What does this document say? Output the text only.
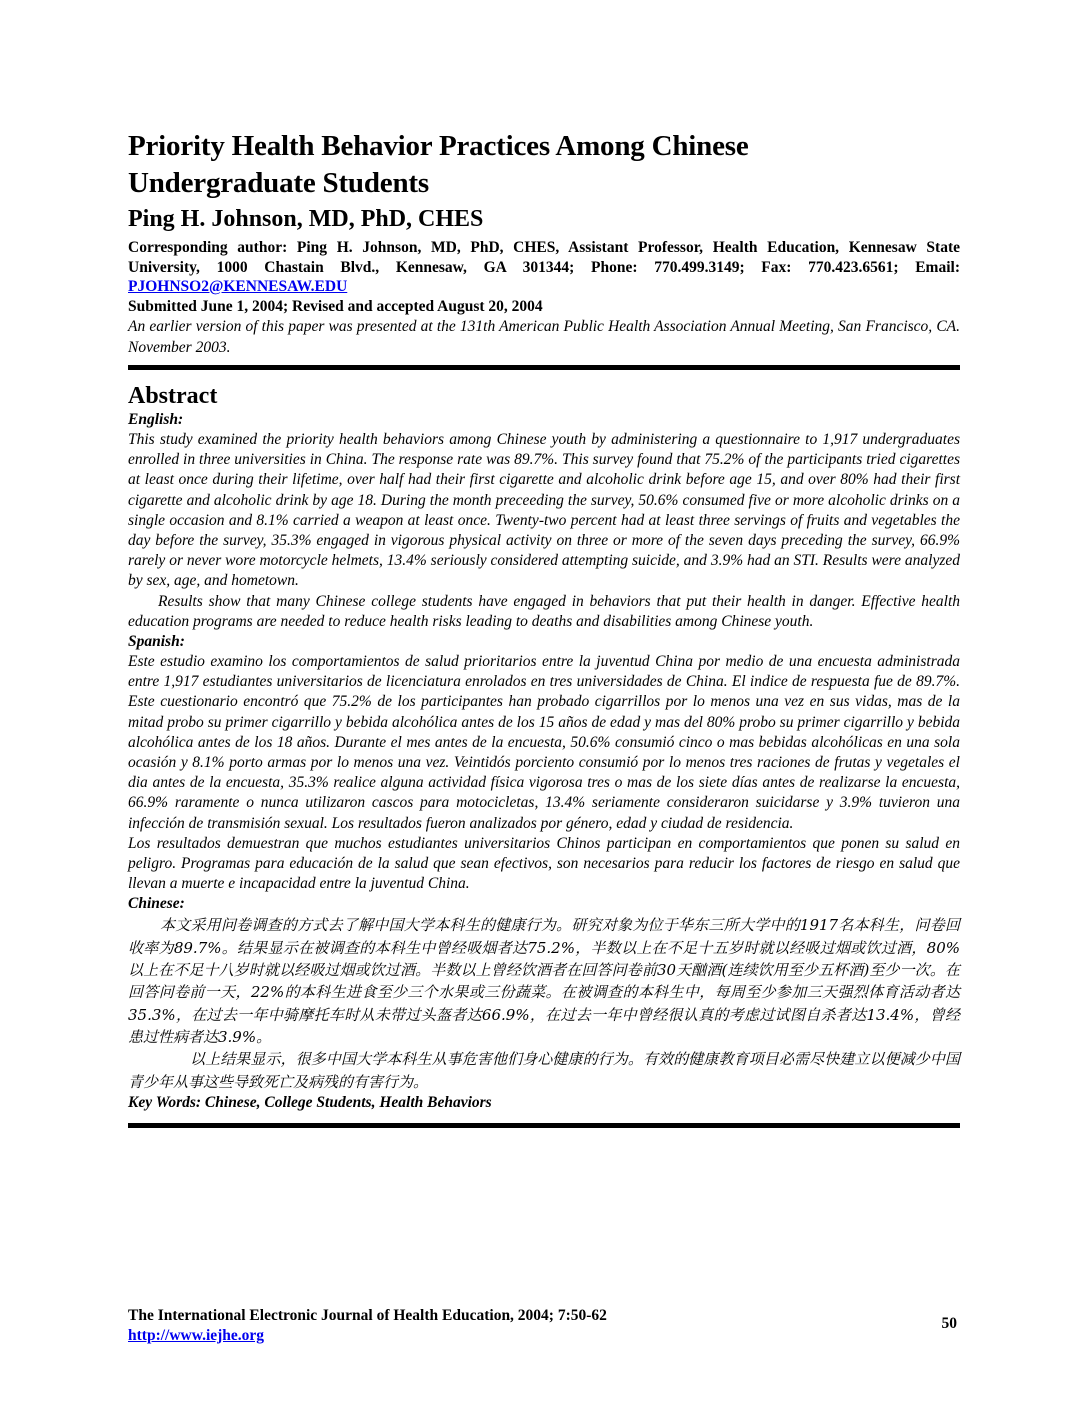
Priority Health Behavior Practices Among Chinese
Undergraduate Students
Ping H. Johnson, MD, PhD, CHES

Corresponding author: Ping H. Johnson, MD, PhD, CHES, Assistant Professor, Health Education, Kennesaw State University, 1000 Chastain Blvd., Kennesaw, GA 301344; Phone: 770.499.3149; Fax: 770.423.6561; Email: PJOHNSO2@KENNESAW.EDU

Submitted June 1, 2004; Revised and accepted August 20, 2004

An earlier version of this paper was presented at the 131th American Public Health Association Annual Meeting, San Francisco, CA. November 2003.

Abstract
English:

This study examined the priority health behaviors among Chinese youth by administering a questionnaire to 1,917 undergraduates enrolled in three universities in China. The response rate was 89.7%. This survey found that 75.2% of the participants tried cigarettes at least once during their lifetime, over half had their first cigarette and alcoholic drink before age 15, and over 80% had their first cigarette and alcoholic drink by age 18. During the month preceeding the survey, 50.6% consumed five or more alcoholic drinks on a single occasion and 8.1% carried a weapon at least once. Twenty-two percent had at least three servings of fruits and vegetables the day before the survey, 35.3% engaged in vigorous physical activity on three or more of the seven days preceding the survey, 66.9% rarely or never wore motorcycle helmets, 13.4% seriously considered attempting suicide, and 3.9% had an STI. Results were analyzed by sex, age, and hometown.

Results show that many Chinese college students have engaged in behaviors that put their health in danger. Effective health education programs are needed to reduce health risks leading to deaths and disabilities among Chinese youth.

Spanish:

Este estudio examino los comportamientos de salud prioritarios entre la juventud China por medio de una encuesta administrada entre 1,917 estudiantes universitarios de licenciatura enrolados en tres universidades de China. El indice de respuesta fue de 89.7%. Este cuestionario encontró que 75.2% de los participantes han probado cigarrillos por lo menos una vez en sus vidas, mas de la mitad probo su primer cigarrillo y bebida alcohólica antes de los 15 años de edad y mas del 80% probo su primer cigarrillo y bebida alcohólica antes de los 18 años. Durante el mes antes de la encuesta, 50.6% consumió cinco o mas bebidas alcohólicas en una sola ocasión y 8.1% porto armas por lo menos una vez. Veintidós porciento consumió por lo menos tres raciones de frutas y vegetales el dia antes de la encuesta, 35.3% realice alguna actividad física vigorosa tres o mas de los siete días antes de realizarse la encuesta, 66.9% raramente o nunca utilizaron cascos para motocicletas, 13.4% seriamente consideraron suicidarse y 3.9% tuvieron una infección de transmisión sexual. Los resultados fueron analizados por género, edad y ciudad de residencia.

Los resultados demuestran que muchos estudiantes universitarios Chinos participan en comportamientos que ponen su salud en peligro. Programas para educación de la salud que sean efectivos, son necesarios para reducir los factores de riesgo en salud que llevan a muerte e incapacidad entre la juventud China.

Chinese:

本文采用问卷调查的方式去了解中国大学本科生的健康行为。研究对象为位于华东三所大学中的1917名本科生，问卷回收率为89.7%。结果显示在被调查的本科生中曾经吸烟者达75.2%，半数以上在不足十五岁时就以经吸过烟或饮过酒，80%以上在不足十八岁时就以经吸过烟或饮过酒。半数以上曾经饮酒者在回答问卷前30天酗酒(连续饮用至少五杯酒)至少一次。在回答问卷前一天，22%的本科生进食至少三个水果或三份蔬菜。在被调查的本科生中，每周至少参加三天强烈体育活动者达35.3%，在过去一年中骑摩托车时从未带过头盔者达66.9%，在过去一年中曾经很认真的考虑过试图自杀者达13.4%，曾经患过性病者达3.9%。

以上结果显示，很多中国大学本科生从事危害他们身心健康的行为。有效的健康教育项目必需尽快建立以便减少中国青少年从事这些导致死亡及病残的有害行为。

Key Words: Chinese, College Students, Health Behaviors
The International Electronic Journal of Health Education, 2004; 7:50-62
http://www.iejhe.org
50
